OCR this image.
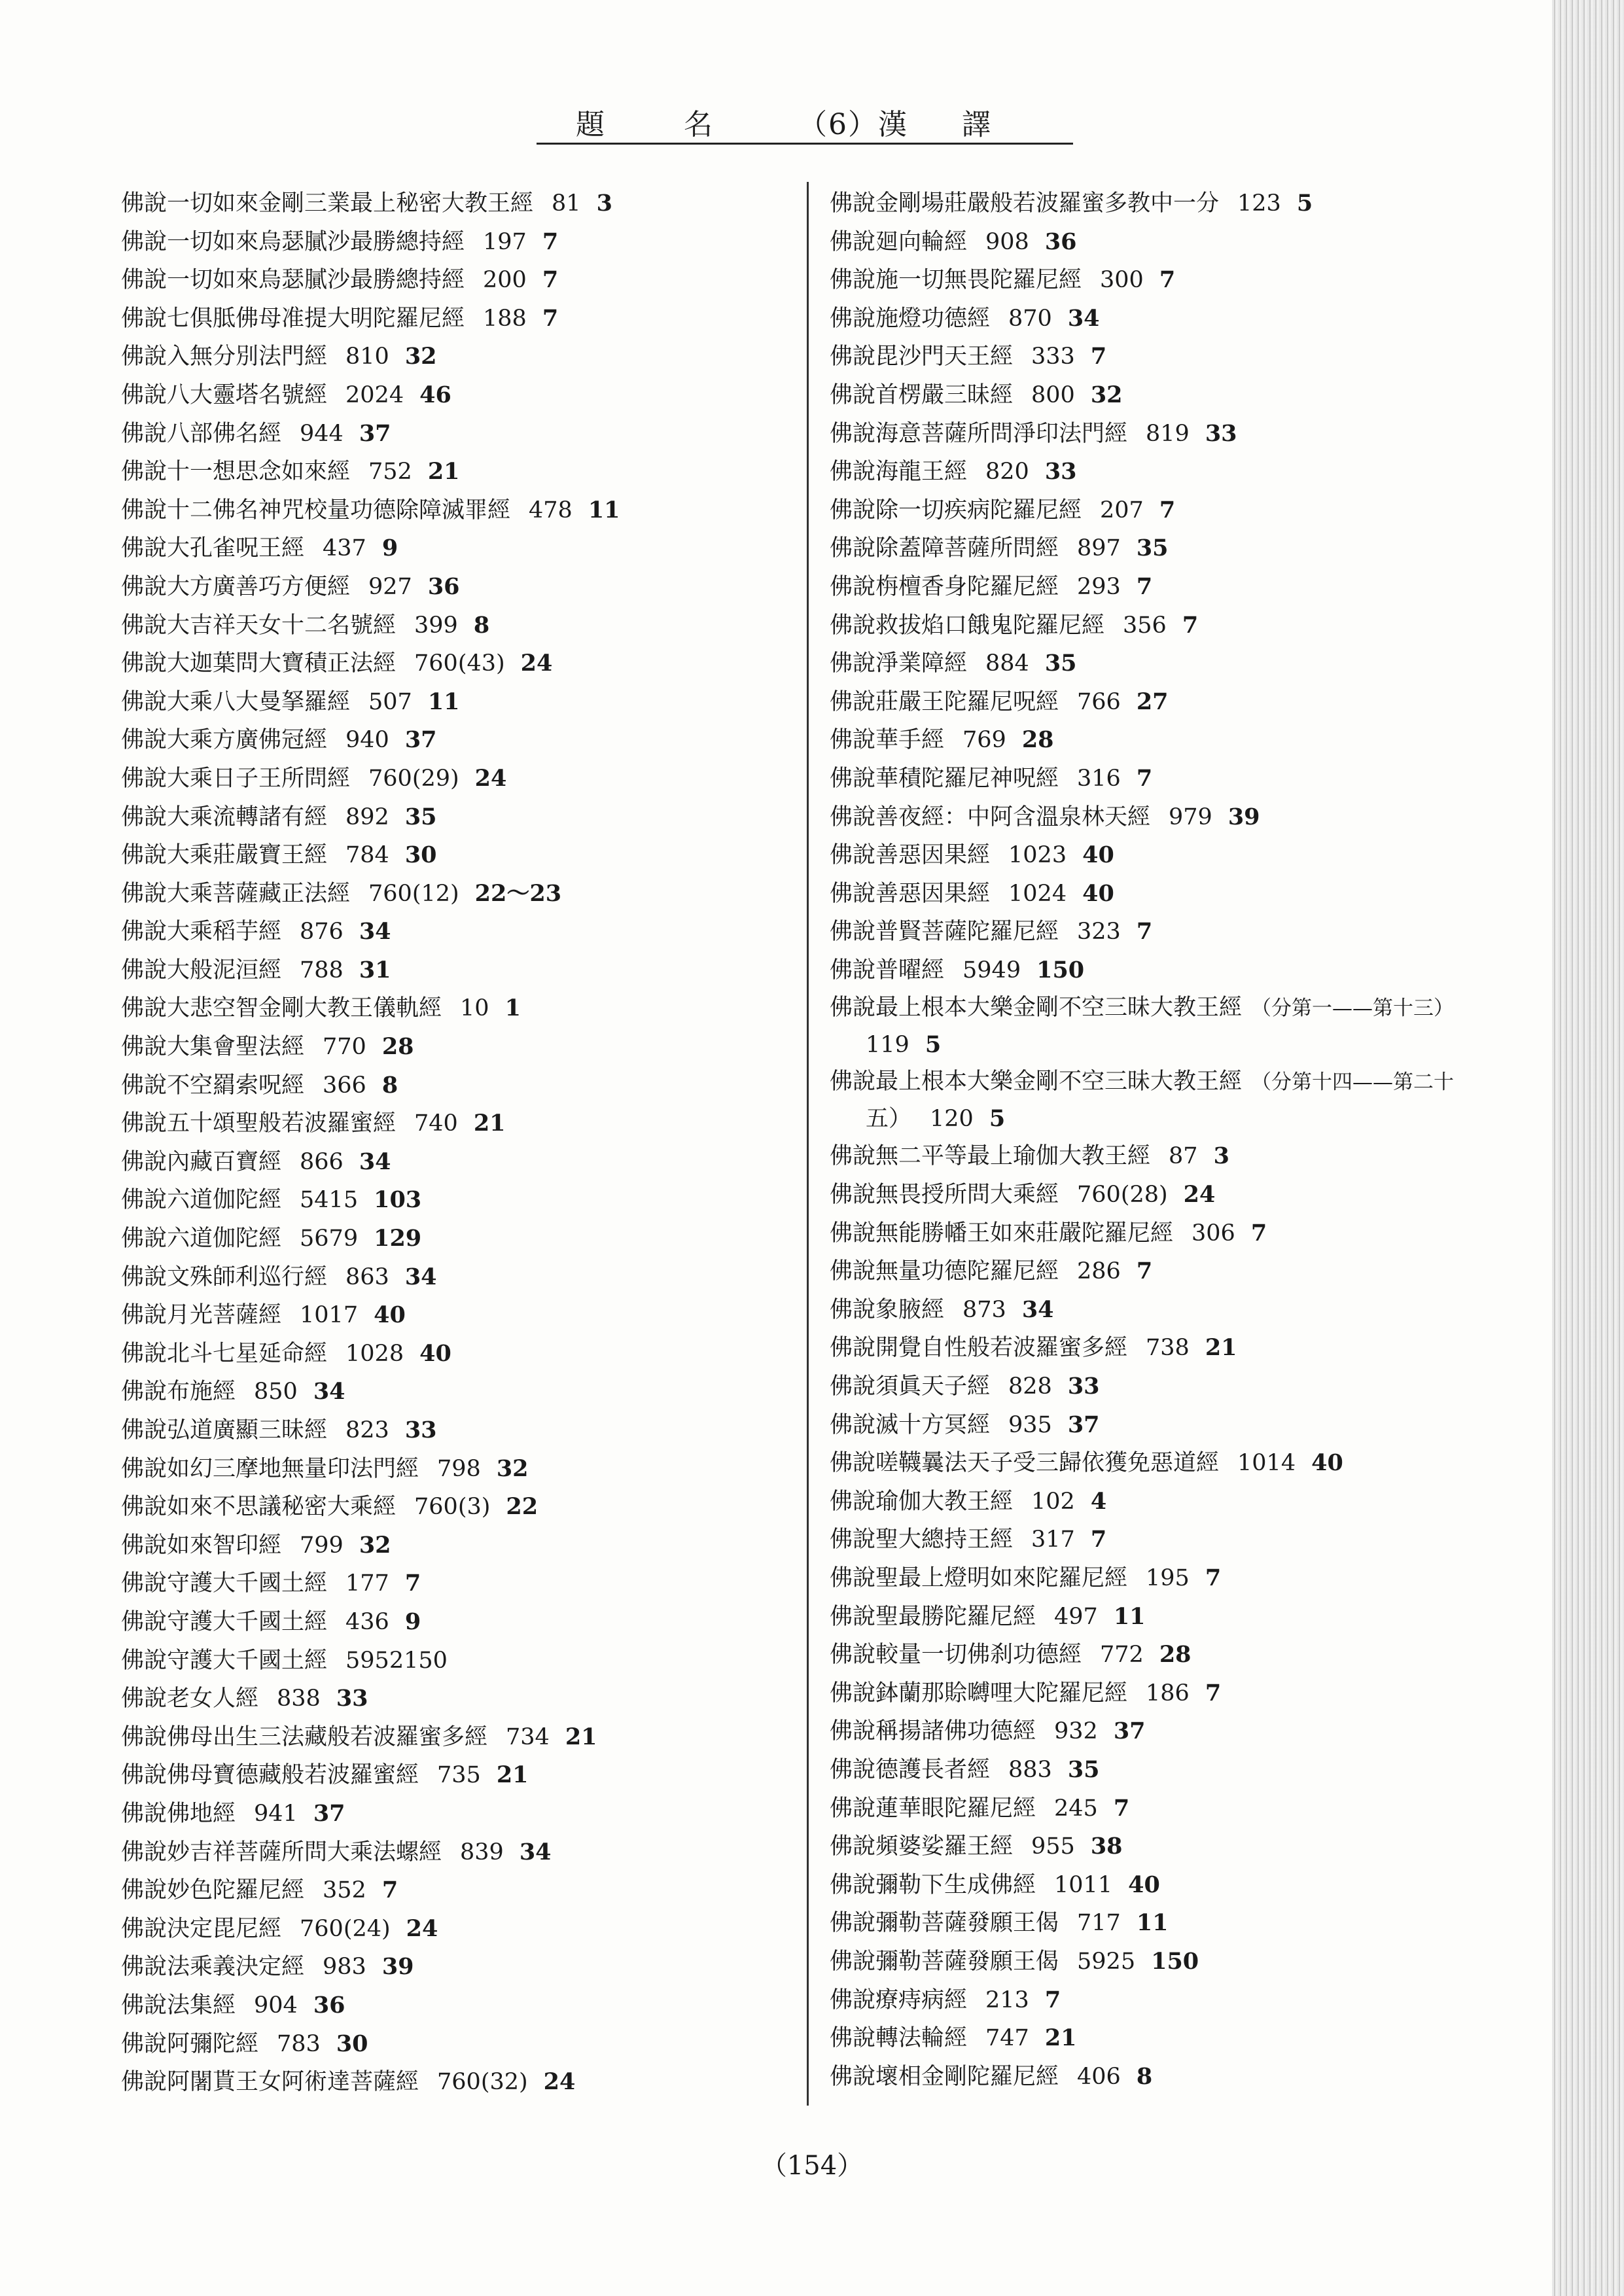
題	名	（6）漢 譯
佛說一切如來金剛三業最上秘密大教王經 81 3
佛說一切如來烏瑟膩沙最勝總持經 197 7
佛說一切如來烏瑟膩沙最勝總持經 200 7
佛說七俱胝佛母准提大明陀羅尼經 188 7
佛說入無分別法門經 810 32
佛說八大靈塔名號經 2024 46
佛說八部佛名經 944 37
佛說十一想思念如來經 752 21
佛說十二佛名神咒校量功德除障滅罪經 478 11
佛說大孔雀呪王經 437 9
佛說大方廣善巧方便經 927 36
佛說大吉祥天女十二名號經 399 8
佛說大迦葉問大寶積正法經 760(43) 24
佛說大乘八大曼拏羅經 507 11
佛說大乘方廣佛冠經 940 37
佛說大乘日子王所問經 760(29) 24
佛說大乘流轉諸有經 892 35
佛說大乘莊嚴寶王經 784 30
佛說大乘菩薩藏正法經 760(12) 22～23
佛說大乘稻芋經 876 34
佛說大般泥洹經 788 31
佛說大悲空智金剛大教王儀軌經 10 1
佛說大集會聖法經 770 28
佛說不空羂索呪經 366 8
佛說五十頌聖般若波羅蜜經 740 21
佛說內藏百寶經 866 34
佛說六道伽陀經 5415 103
佛說六道伽陀經 5679 129
佛說文殊師利巡行經 863 34
佛說月光菩薩經 1017 40
佛說北斗七星延命經 1028 40
佛說布施經 850 34
佛說弘道廣顯三昧經 823 33
佛說如幻三摩地無量印法門經 798 32
佛說如來不思議秘密大乘經 760(3) 22
佛說如來智印經 799 32
佛說守護大千國土經 177 7
佛說守護大千國土經 436 9
佛說守護大千國土經 5952150
佛說老女人經 838 33
佛說佛母出生三法藏般若波羅蜜多經 734 21
佛說佛母寶德藏般若波羅蜜經 735 21
佛說佛地經 941 37
佛說妙吉祥菩薩所問大乘法螺經 839 34
佛說妙色陀羅尼經 352 7
佛說決定毘尼經 760(24) 24
佛說法乘義決定經 983 39
佛說法集經 904 36
佛說阿彌陀經 783 30
佛說阿闍貰王女阿術達菩薩經 760(32) 24
佛說金剛場莊嚴般若波羅蜜多教中一分 123 5
佛說廻向輪經 908 36
佛說施一切無畏陀羅尼經 300 7
佛說施燈功德經 870 34
佛說毘沙門天王經 333 7
佛說首楞嚴三昧經 800 32
佛說海意菩薩所問淨印法門經 819 33
佛說海龍王經 820 33
佛說除一切疾病陀羅尼經 207 7
佛說除蓋障菩薩所問經 897 35
佛說栴檀香身陀羅尼經 293 7
佛說救拔焰口餓鬼陀羅尼經 356 7
佛說淨業障經 884 35
佛說莊嚴王陀羅尼呪經 766 27
佛說華手經 769 28
佛說華積陀羅尼神呪經 316 7
佛說善夜經：中阿含溫泉林天經 979 39
佛說善惡因果經 1023 40
佛說善惡因果經 1024 40
佛說普賢菩薩陀羅尼經 323 7
佛說普曜經 5949 150
佛說最上根本大樂金剛不空三昧大教王經 （分第一——第十三）
119 5
佛說最上根本大樂金剛不空三昧大教王經 （分第十四——第二十
五） 120 5
佛說無二平等最上瑜伽大教王經 87 3
佛說無畏授所問大乘經 760(28) 24
佛說無能勝幡王如來莊嚴陀羅尼經 306 7
佛說無量功德陀羅尼經 286 7
佛說象腋經 873 34
佛說開覺自性般若波羅蜜多經 738 21
佛說須眞天子經 828 33
佛說滅十方冥經 935 37
佛說嗟韈曩法天子受三歸依獲免惡道經 1014 40
佛說瑜伽大教王經 102 4
佛說聖大總持王經 317 7
佛說聖最上燈明如來陀羅尼經 195 7
佛說聖最勝陀羅尼經 497 11
佛說較量一切佛刹功德經 772 28
佛說鉢蘭那賒嚩哩大陀羅尼經 186 7
佛說稱揚諸佛功德經 932 37
佛說德護長者經 883 35
佛說蓮華眼陀羅尼經 245 7
佛說頻婆娑羅王經 955 38
佛說彌勒下生成佛經 1011 40
佛說彌勒菩薩發願王偈 717 11
佛說彌勒菩薩發願王偈 5925 150
佛說療痔病經 213 7
佛說轉法輪經 747 21
佛說壞相金剛陀羅尼經 406 8
（154）
